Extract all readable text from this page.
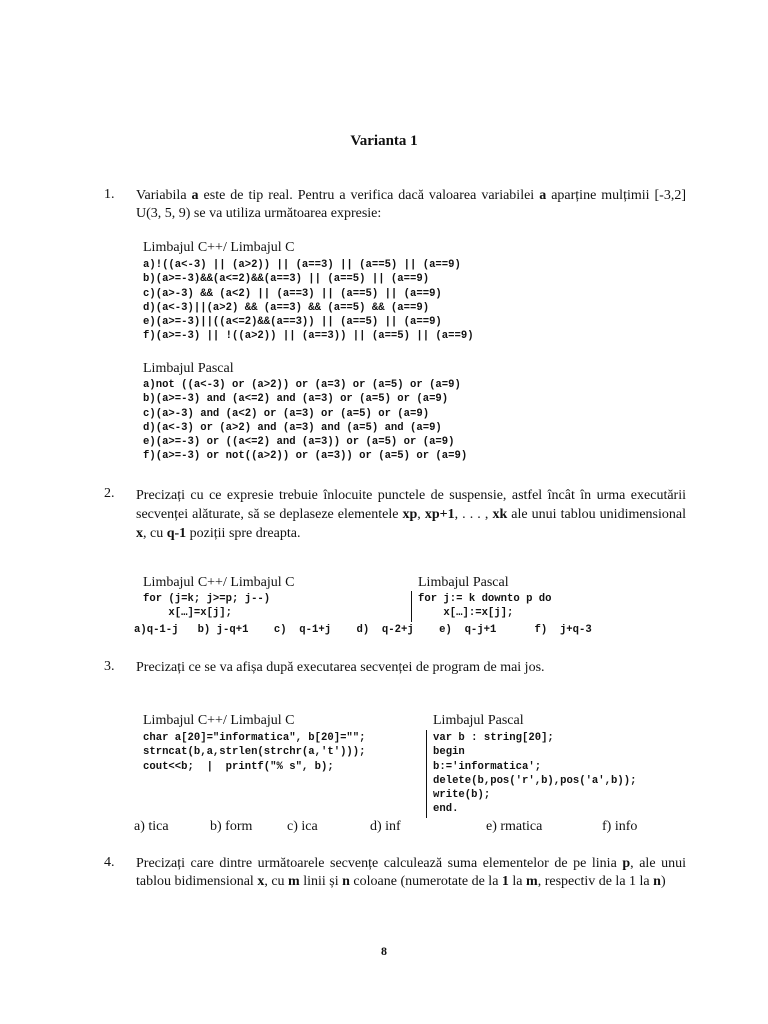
Varianta 1
1. Variabila a este de tip real. Pentru a verifica dacă valoarea variabilei a aparține mulțimii [-3,2] U(3, 5, 9) se va utiliza următoarea expresie:
Limbajul C++/ Limbajul C
a)!((a<-3) || (a>2)) || (a==3) || (a==5) || (a==9)
b)(a>=-3)&&(a<=2)&&(a==3) || (a==5) || (a==9)
c)(a>-3) && (a<2) || (a==3) || (a==5) || (a==9)
d)(a<-3)||(a>2) && (a==3) && (a==5) && (a==9)
e)(a>=-3)||((a<=2)&&(a==3)) || (a==5) || (a==9)
f)(a>=-3) || !((a>2)) || (a==3)) || (a==5) || (a==9)
Limbajul Pascal
a)not ((a<-3) or (a>2)) or (a=3) or (a=5) or (a=9)
b)(a>=-3) and (a<=2) and (a=3) or (a=5) or (a=9)
c)(a>-3) and (a<2) or (a=3) or (a=5) or (a=9)
d)(a<-3) or (a>2) and (a=3) and (a=5) and (a=9)
e)(a>=-3) or ((a<=2) and (a=3)) or (a=5) or (a=9)
f)(a>=-3) or not((a>2)) or (a=3)) or (a=5) or (a=9)
2. Precizați cu ce expresie trebuie înlocuite punctele de suspensie, astfel încât în urma executării secvenței alăturate, să se deplaseze elementele xp, xp+1, . . . , xk ale unui tablou unidimensional x, cu q-1 poziții spre dreapta.
Limbajul C++/ Limbajul C	Limbajul Pascal
for (j=k; j>=p; j--)
x[…]=x[j];
for j:= k downto p do
x[…]:=x[j];
a)q-1-j   b) j-q+1    c)  q-1+j    d)  q-2+j    e)  q-j+1      f)  j+q-3
3. Precizați ce se va afișa după executarea secvenței de program de mai jos.
Limbajul C++/ Limbajul C	Limbajul Pascal
char a[20]="informatica", b[20]="";
strncat(b,a,strlen(strchr(a,'t')));
cout<<b;  |  printf("% s", b);
var b : string[20];
begin
b:='informatica';
delete(b,pos('r',b),pos('a',b));
write(b);
end.
a) tica	b) form c) ica	d) inf	e) rmatica	f) info
4. Precizați care dintre următoarele secvențe calculează suma elementelor de pe linia p, ale unui tablou bidimensional x, cu m linii și n coloane (numerotate de la 1 la m, respectiv de la 1 la n)
8
